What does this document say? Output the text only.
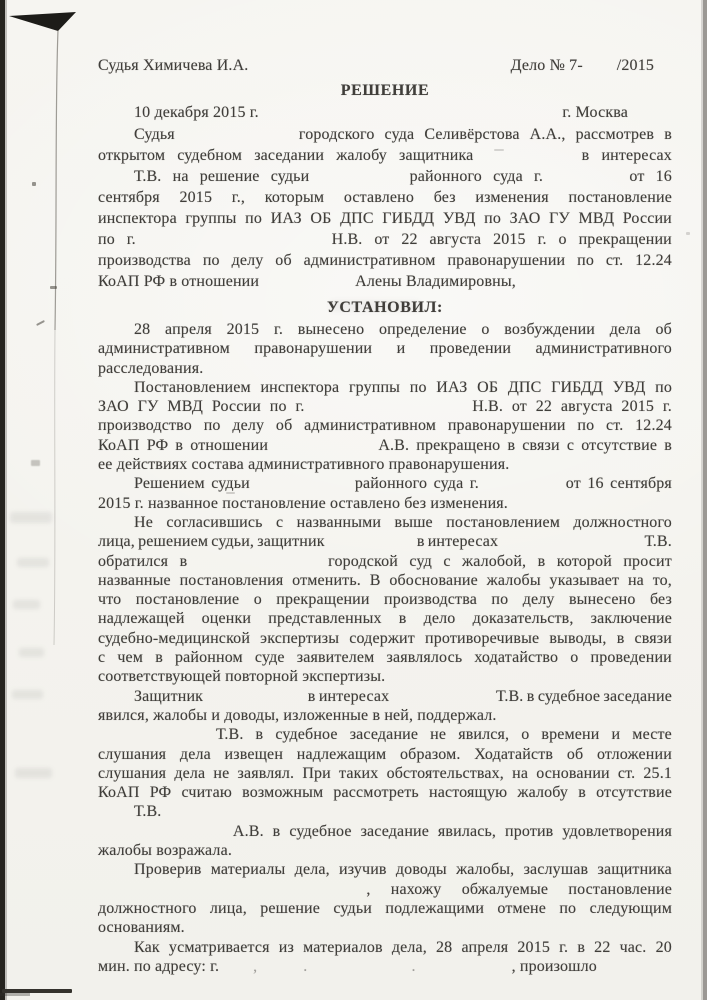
Судья Химичева И.А.	Дело № 7- /2015
РЕШЕНИЕ
10 декабря 2015 г.	г. Москва
Судья	городского суда Селивёрстова А.А., рассмотрев в
открытом судебном заседании жалобу защитника	в интересах
Т.В. на решение судьи	районного суда г.	от 16
сентября 2015 г., которым оставлено без изменения постановление
инспектора группы по ИАЗ ОБ ДПС ГИБДД УВД по ЗАО ГУ МВД России
по г.	Н.В. от 22 августа 2015 г. о прекращении
производства по делу об административном правонарушении по ст. 12.24
КоАП РФ в отношении	Алены Владимировны,
УСТАНОВИЛ:
28 апреля 2015 г. вынесено определение о возбуждении дела об
административном правонарушении и проведении административного
расследования.
Постановлением инспектора группы по ИАЗ ОБ ДПС ГИБДД УВД по
ЗАО ГУ МВД России по г.	Н.В. от 22 августа 2015 г.
производство по делу об административном правонарушении по ст. 12.24
КоАП РФ в отношении	А.В. прекращено в связи с отсутствие в
ее действиях состава административного правонарушения.
Решением судьи	районного суда г.	от 16 сентября
2015 г. названное постановление оставлено без изменения.
Не согласившись с названными выше постановлением должностного
лица, решением судьи, защитник	в интересах	Т.В.
обратился в	городской суд с жалобой, в которой просит
названные постановления отменить. В обоснование жалобы указывает на то,
что постановление о прекращении производства по делу вынесено без
надлежащей оценки представленных в дело доказательств, заключение
судебно-медицинской экспертизы содержит противоречивые выводы, в связи
с чем в районном суде заявителем заявлялось ходатайство о проведении
соответствующей повторной экспертизы.
Защитник	в интересах	Т.В. в судебное заседание
явился, жалобы и доводы, изложенные в ней, поддержал.
Т.В. в судебное заседание не явился, о времени и месте
слушания дела извещен надлежащим образом. Ходатайств об отложении
слушания дела не заявлял. При таких обстоятельствах, на основании ст. 25.1
КоАП РФ считаю возможным рассмотреть настоящую жалобу в отсутствие
Т.В.
А.В. в судебное заседание явилась, против удовлетворения
жалобы возражала.
Проверив материалы дела, изучив доводы жалобы, заслушав защитника
, нахожу обжалуемые постановление
должностного лица, решение судьи подлежащими отмене по следующим
основаниям.
Как усматривается из материалов дела, 28 апреля 2015 г. в 22 час. 20
мин. по адресу: г. ,	.	.	, произошло
